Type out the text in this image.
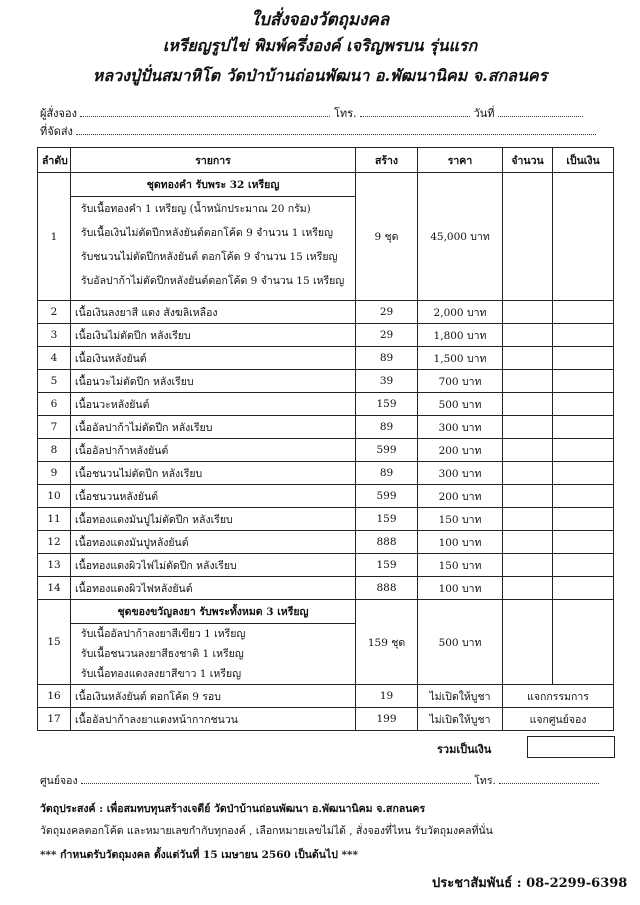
ใบสั่งจองวัตถุมงคล
เหรียญรูปไข่ พิมพ์ครึ่งองค์ เจริญพรบน รุ่นแรก
หลวงปู่ปั่นสมาหิโต วัดป่าบ้านถ่อนพัฒนา อ.พัฒนานิคม จ.สกลนคร
ผู้สั่งจอง	โทร.	วันที่
ที่จัดส่ง
ลำดับ	รายการ	สร้าง	ราคา	จำนวน	เป็นเงิน
1	ชุดทองคำ รับพระ 32 เหรียญ
รับเนื้อทองคำ 1 เหรียญ (น้ำหนักประมาณ 20 กรัม)
รับเนื้อเงินไม่ตัดปีกหลังยันต์ตอกโค้ด 9 จำนวน 1 เหรียญ
รับชนวนไม่ตัดปีกหลังยันต์ ตอกโค้ด 9 จำนวน 15 เหรียญ
รับอัลปาก้าไม่ตัดปีกหลังยันต์ตอกโค้ด 9 จำนวน 15 เหรียญ	9 ชุด	45,000 บาท		
2	เนื้อเงินลงยาสี แดง สังฆลิเหลือง	29	2,000 บาท		
3	เนื้อเงินไม่ตัดปีก หลังเรียบ	29	1,800 บาท		
4	เนื้อเงินหลังยันต์	89	1,500 บาท		
5	เนื้อนวะไม่ตัดปีก หลังเรียบ	39	700 บาท		
6	เนื้อนวะหลังยันต์	159	500 บาท		
7	เนื้ออัลปาก้าไม่ตัดปีก หลังเรียบ	89	300 บาท		
8	เนื้ออัลปาก้าหลังยันต์	599	200 บาท		
9	เนื้อชนวนไม่ตัดปีก หลังเรียบ	89	300 บาท		
10	เนื้อชนวนหลังยันต์	599	200 บาท		
11	เนื้อทองแดงมันปูไม่ตัดปีก หลังเรียบ	159	150 บาท		
12	เนื้อทองแดงมันปูหลังยันต์	888	100 บาท		
13	เนื้อทองแดงผิวไฟไม่ตัดปีก หลังเรียบ	159	150 บาท		
14	เนื้อทองแดงผิวไฟหลังยันต์	888	100 บาท		
15	ชุดของขวัญลงยา รับพระทั้งหมด 3 เหรียญ
รับเนื้ออัลปาก้าลงยาสีเขียว 1 เหรียญ
รับเนื้อชนวนลงยาสีธงชาติ 1 เหรียญ
รับเนื้อทองแดงลงยาสีขาว 1 เหรียญ	159 ชุด	500 บาท		
16	เนื้อเงินหลังยันต์ ตอกโค้ด 9 รอบ	19	ไม่เปิดให้บูชา	แจกกรรมการ	
17	เนื้ออัลปาก้าลงยาแดงหน้ากากชนวน	199	ไม่เปิดให้บูชา	แจกศูนย์จอง	
รวมเป็นเงิน
ศูนย์จอง	โทร.
วัตถุประสงค์ : เพื่อสมทบทุนสร้างเจดีย์ วัดป่าบ้านถ่อนพัฒนา อ.พัฒนานิคม จ.สกลนคร
วัตถุมงคลตอกโค้ด และหมายเลขกำกับทุกองค์ , เลือกหมายเลขไม่ได้ , สั่งจองที่ไหน รับวัตถุมงคลที่นั่น
*** กำหนดรับวัตถุมงคล ตั้งแต่วันที่ 15 เมษายน 2560 เป็นต้นไป ***
ประชาสัมพันธ์ : 08-2299-6398
